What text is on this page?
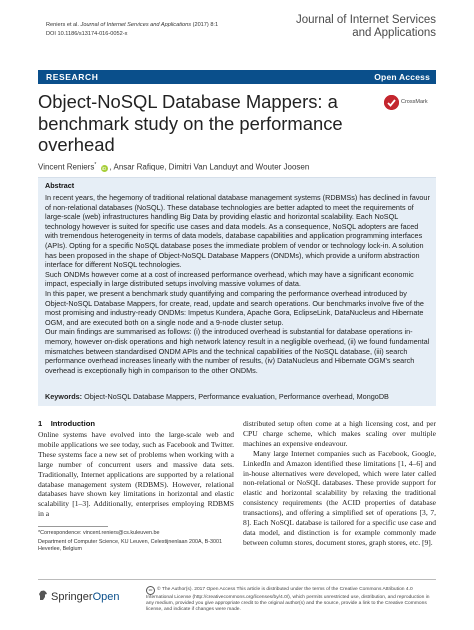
Reniers et al. Journal of Internet Services and Applications (2017) 8:1
DOI 10.1186/s13174-016-0052-x
Journal of Internet Services
and Applications
RESEARCH	Open Access
Object-NoSQL Database Mappers: a benchmark study on the performance overhead
CrossMark
Vincent Reniers* iD , Ansar Rafique, Dimitri Van Landuyt and Wouter Joosen
Abstract

In recent years, the hegemony of traditional relational database management systems (RDBMSs) has declined in favour of non-relational databases (NoSQL). These database technologies are better adapted to meet the requirements of large-scale (web) infrastructures handling Big Data by providing elastic and horizontal scalability. Each NoSQL technology however is suited for specific use cases and data models. As a consequence, NoSQL adopters are faced with tremendous heterogeneity in terms of data models, database capabilities and application programming interfaces (APIs). Opting for a specific NoSQL database poses the immediate problem of vendor or technology lock-in. A solution has been proposed in the shape of Object-NoSQL Database Mappers (ONDMs), which provide a uniform abstraction interface for different NoSQL technologies.

Such ONDMs however come at a cost of increased performance overhead, which may have a significant economic impact, especially in large distributed setups involving massive volumes of data.

In this paper, we present a benchmark study quantifying and comparing the performance overhead introduced by Object-NoSQL Database Mappers, for create, read, update and search operations. Our benchmarks involve five of the most promising and industry-ready ONDMs: Impetus Kundera, Apache Gora, EclipseLink, DataNucleus and Hibernate OGM, and are executed both on a single node and a 9-node cluster setup.

Our main findings are summarised as follows: (i) the introduced overhead is substantial for database operations in-memory, however on-disk operations and high network latency result in a negligible overhead, (ii) we found fundamental mismatches between standardised ONDM APIs and the technical capabilities of the NoSQL database, (iii) search performance overhead increases linearly with the number of results, (iv) DataNucleus and Hibernate OGM's search overhead is exceptionally high in comparison to the other ONDMs.

Keywords: Object-NoSQL Database Mappers, Performance evaluation, Performance overhead, MongoDB
1 Introduction

Online systems have evolved into the large-scale web and mobile applications we see today, such as Facebook and Twitter. These systems face a new set of problems when working with a large number of concurrent users and massive data sets. Traditionally, Internet applications are supported by a relational database management system (RDBMS). However, relational databases have shown key limitations in horizontal and elastic scalability [1–3]. Additionally, enterprises employing RDBMS in a

distributed setup often come at a high licensing cost, and per CPU charge scheme, which makes scaling over multiple machines an expensive endeavour.

Many large Internet companies such as Facebook, Google, LinkedIn and Amazon identified these limitations [1, 4–6] and in-house alternatives were developed, which were later called non-relational or NoSQL databases. These provide support for elastic and horizontal scalability by relaxing the traditional consistency requirements (the ACID properties of database transactions), and offering a simplified set of operations [3, 7, 8]. Each NoSQL database is tailored for a specific use case and data model, and distinction is for example commonly made between column stores, document stores, graph stores, etc. [9].

*Correspondence: vincent.reniers@cs.kuleuven.be

Department of Computer Science, KU Leuven, Celestijnenlaan 200A, B-3001
Heverlee, Belgium

SpringerOpen
cc © The Author(s). 2017 Open Access This article is distributed under the terms of the Creative Commons Attribution 4.0 International License (http://creativecommons.org/licenses/by/4.0/), which permits unrestricted use, distribution, and reproduction in any medium, provided you give appropriate credit to the original author(s) and the source, provide a link to the Creative Commons license, and indicate if changes were made.
